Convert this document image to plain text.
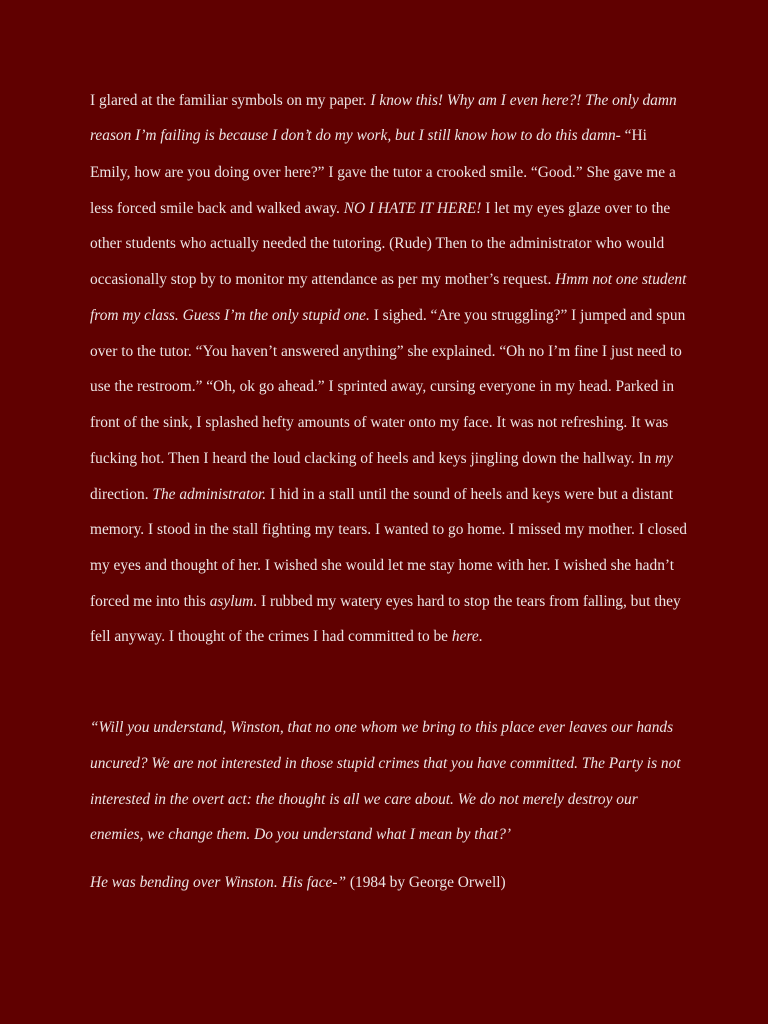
I glared at the familiar symbols on my paper. I know this! Why am I even here?! The only damn
reason I’m failing is because I don’t do my work, but I still know how to do this damn- “Hi
Emily, how are you doing over here?” I gave the tutor a crooked smile. “Good.” She gave me a
less forced smile back and walked away. NO I HATE IT HERE! I let my eyes glaze over to the
other students who actually needed the tutoring. (Rude) Then to the administrator who would
occasionally stop by to monitor my attendance as per my mother’s request. Hmm not one student
from my class. Guess I’m the only stupid one. I sighed. “Are you struggling?” I jumped and spun
over to the tutor. “You haven’t answered anything” she explained. “Oh no I’m fine I just need to
use the restroom.” “Oh, ok go ahead.” I sprinted away, cursing everyone in my head. Parked in
front of the sink, I splashed hefty amounts of water onto my face. It was not refreshing. It was
fucking hot. Then I heard the loud clacking of heels and keys jingling down the hallway. In my
direction. The administrator. I hid in a stall until the sound of heels and keys were but a distant
memory. I stood in the stall fighting my tears. I wanted to go home. I missed my mother. I closed
my eyes and thought of her. I wished she would let me stay home with her. I wished she hadn’t
forced me into this asylum. I rubbed my watery eyes hard to stop the tears from falling, but they
fell anyway. I thought of the crimes I had committed to be here.
“Will you understand, Winston, that no one whom we bring to this place ever leaves our hands
uncured? We are not interested in those stupid crimes that you have committed. The Party is not
interested in the overt act: the thought is all we care about. We do not merely destroy our
enemies, we change them. Do you understand what I mean by that?’
He was bending over Winston. His face-” (1984 by George Orwell)
